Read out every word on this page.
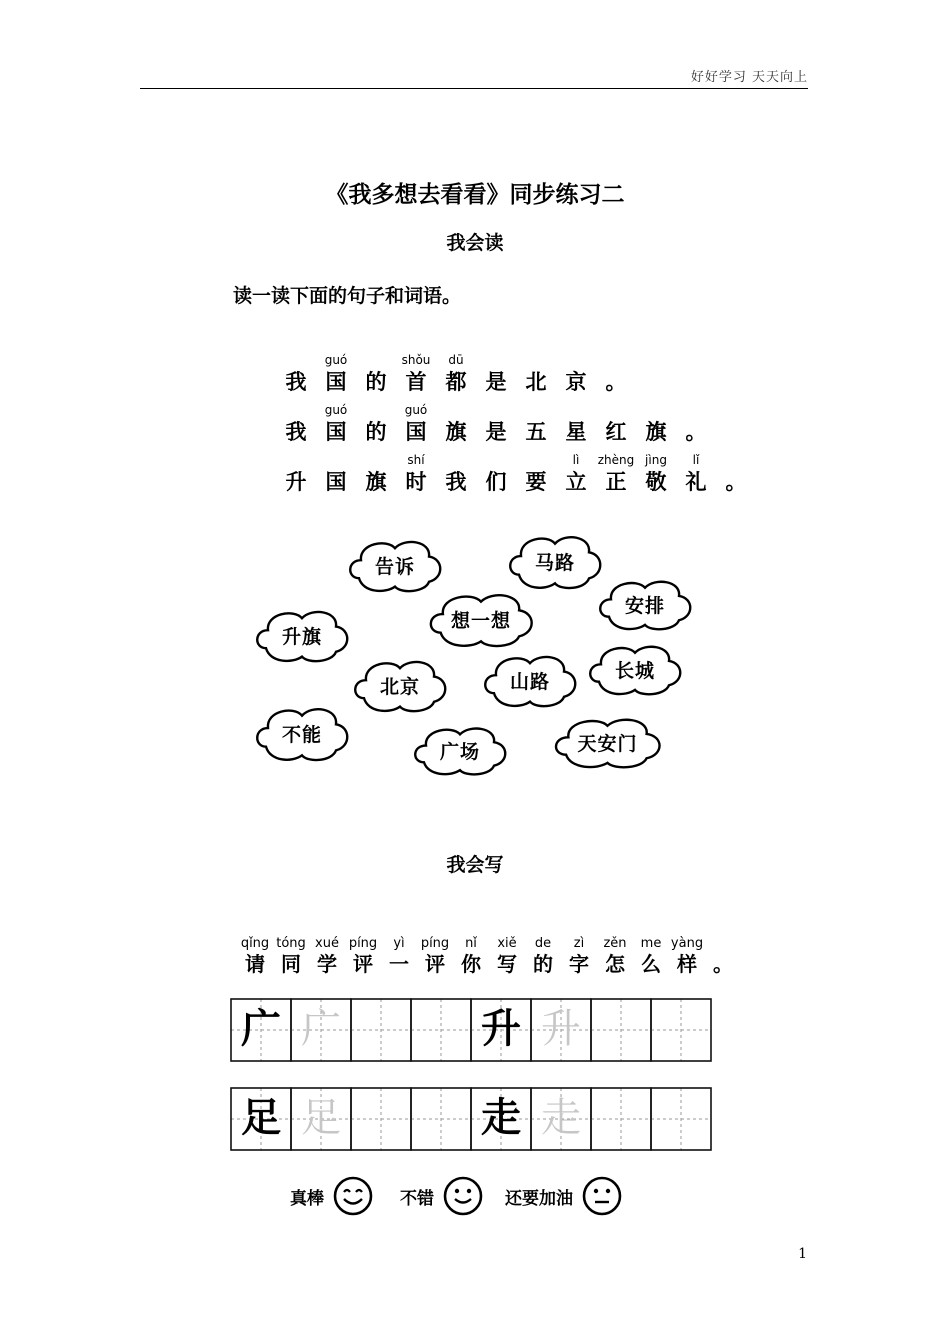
好好学习 天天向上
《我多想去看看》同步练习二
我会读
读一读下面的句子和词语。
我 国
guó
的 首
shǒu
都
dū
是 北 京 。
我 国
guó
的 国
guó
旗 是 五 星 红 旗 。
升 国 旗 时
shí
我 们 要 立
lì
正
zhèng
敬
jìng
礼
lǐ
。
告诉	马路
安排
升旗
想一想
北京	山路	长城
不能
广场	天安门
我会写
请
qǐng
同
tóng
学
xué
评
píng
一
yì
评
píng
你
nǐ
写
xiě
的
de
字
zì
怎
zěn
么
me
样
yàng
。
广 广	升 升
足 足	走 走
真棒	不错	还要加油
1
